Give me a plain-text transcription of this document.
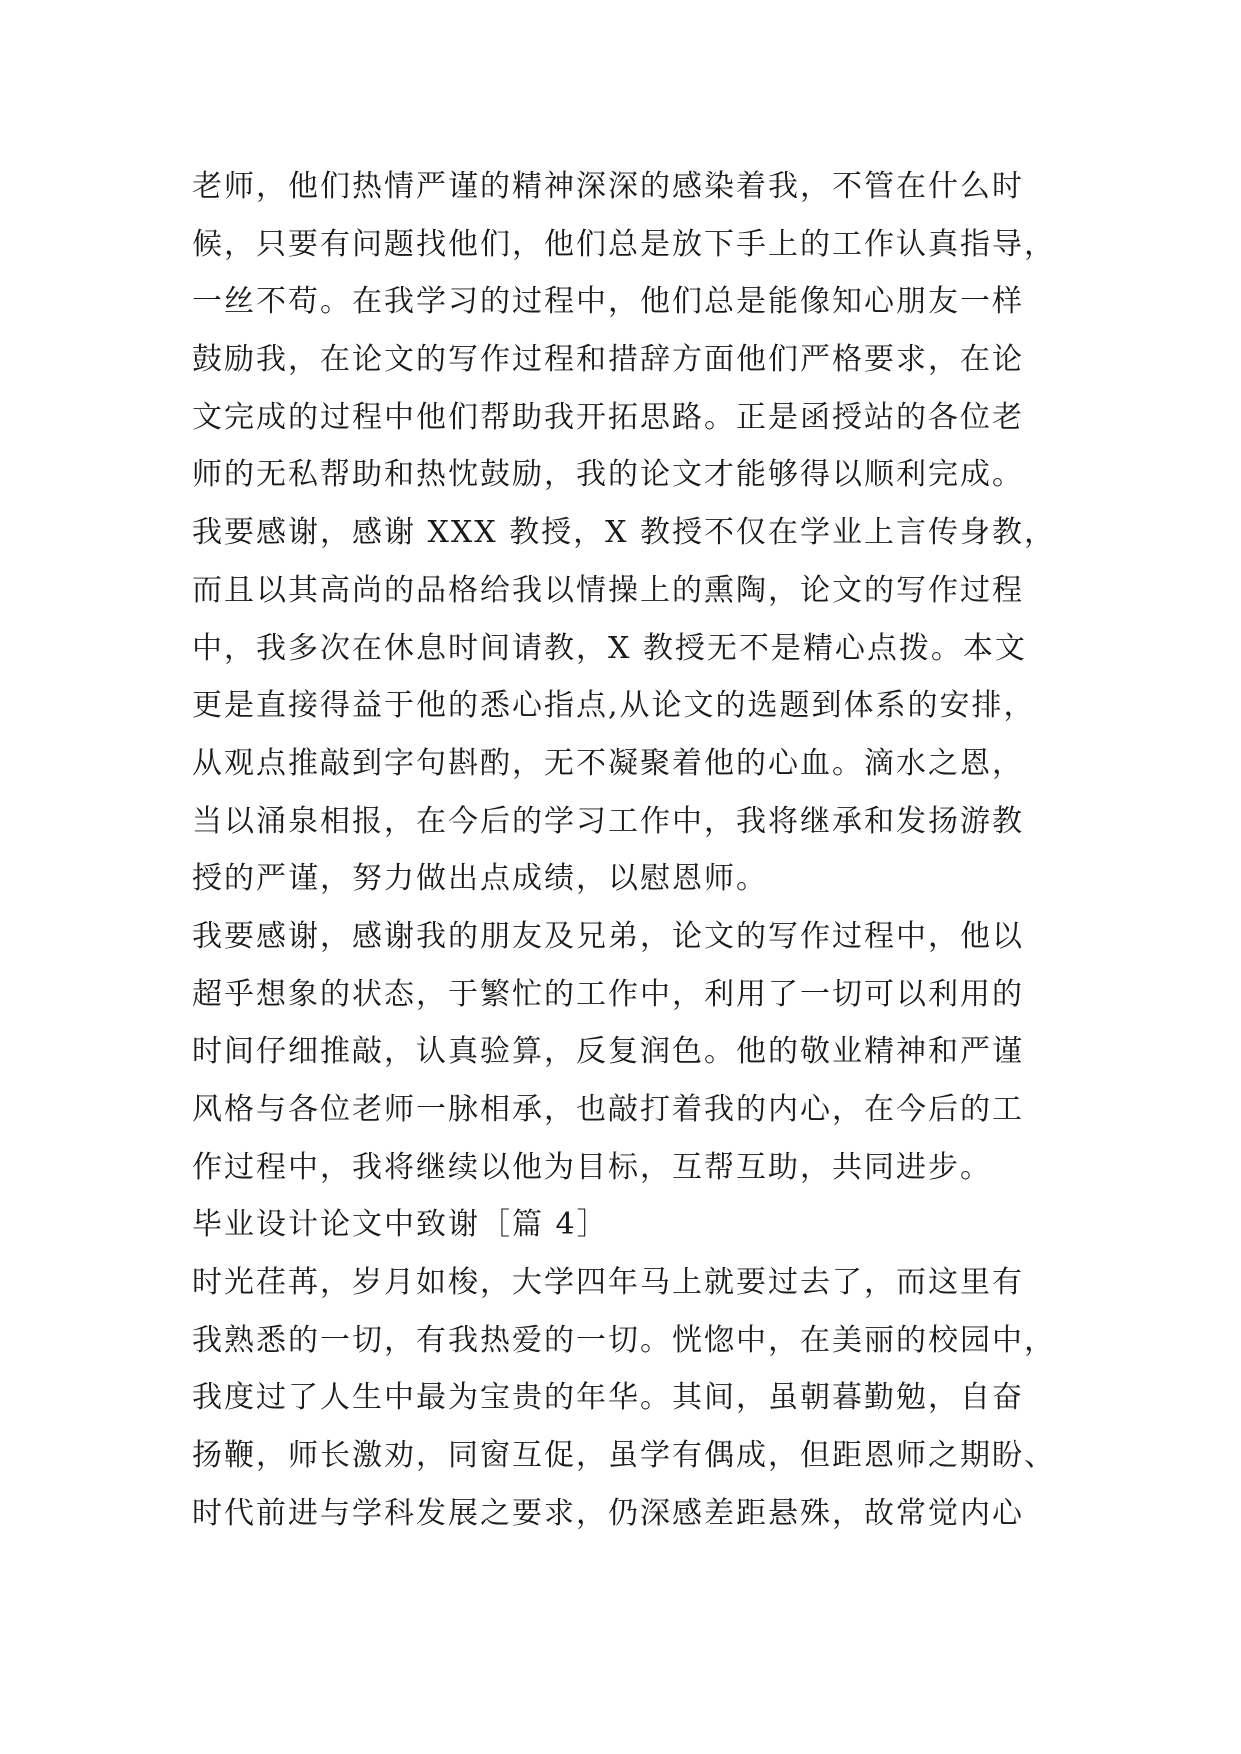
老师，他们热情严谨的精神深深的感染着我，不管在什么时
候，只要有问题找他们，他们总是放下手上的工作认真指导，
一丝不苟。在我学习的过程中，他们总是能像知心朋友一样
鼓励我，在论文的写作过程和措辞方面他们严格要求，在论
文完成的过程中他们帮助我开拓思路。正是函授站的各位老
师的无私帮助和热忱鼓励，我的论文才能够得以顺利完成。
我要感谢，感谢 XXX 教授，X 教授不仅在学业上言传身教，
而且以其高尚的品格给我以情操上的熏陶，论文的写作过程
中，我多次在休息时间请教，X 教授无不是精心点拨。本文
更是直接得益于他的悉心指点,从论文的选题到体系的安排，
从观点推敲到字句斟酌，无不凝聚着他的心血。滴水之恩，
当以涌泉相报，在今后的学习工作中，我将继承和发扬游教
授的严谨，努力做出点成绩，以慰恩师。
我要感谢，感谢我的朋友及兄弟，论文的写作过程中，他以
超乎想象的状态，于繁忙的工作中，利用了一切可以利用的
时间仔细推敲，认真验算，反复润色。他的敬业精神和严谨
风格与各位老师一脉相承，也敲打着我的内心，在今后的工
作过程中，我将继续以他为目标，互帮互助，共同进步。
毕业设计论文中致谢［篇 4］
时光荏苒，岁月如梭，大学四年马上就要过去了，而这里有
我熟悉的一切，有我热爱的一切。恍惚中，在美丽的校园中，
我度过了人生中最为宝贵的年华。其间，虽朝暮勤勉，自奋
扬鞭，师长激劝，同窗互促，虽学有偶成，但距恩师之期盼、
时代前进与学科发展之要求，仍深感差距悬殊，故常觉内心
